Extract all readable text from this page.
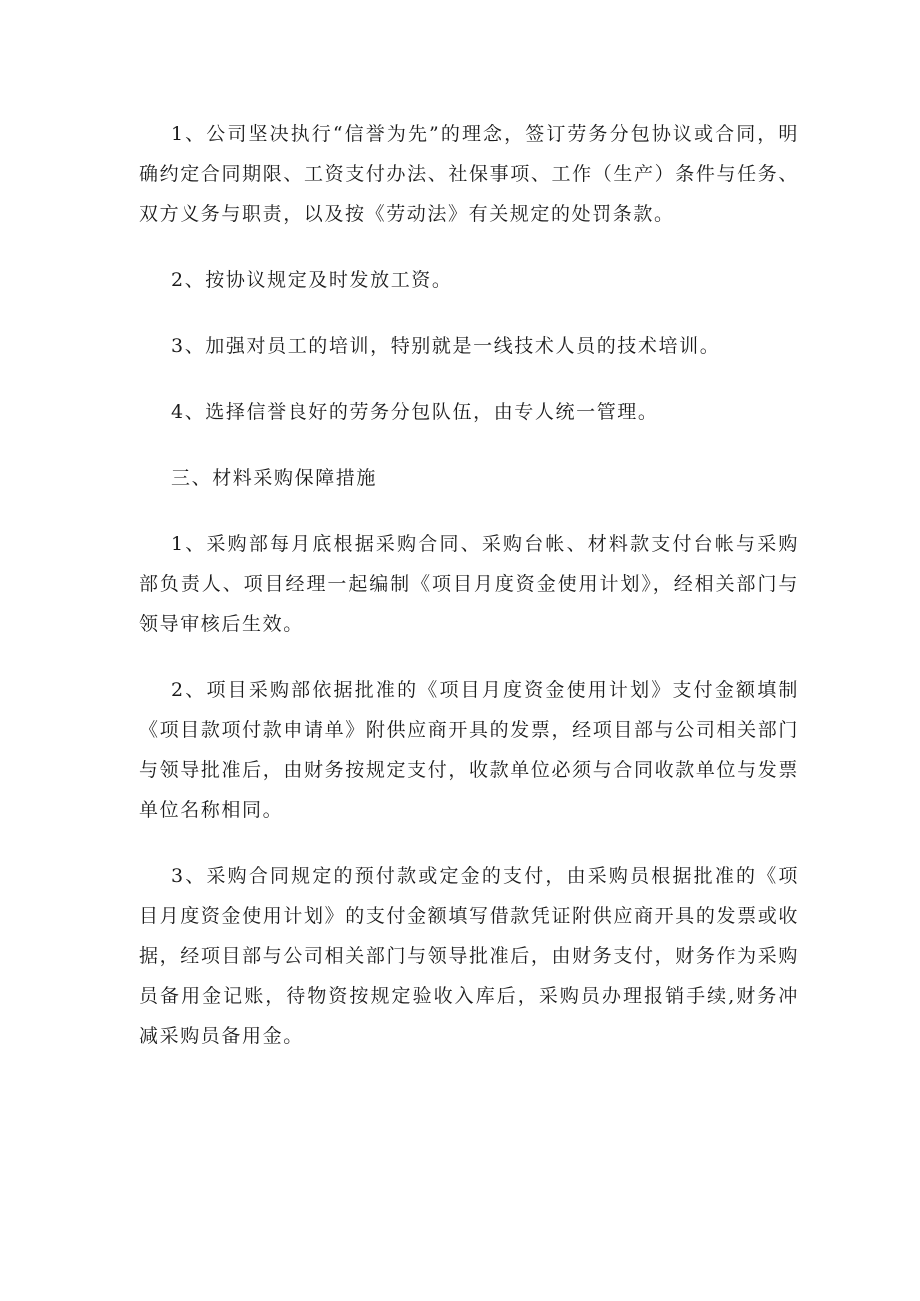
1、公司坚决执行“信誉为先”的理念，签订劳务分包协议或合同，明确约定合同期限、工资支付办法、社保事项、工作（生产）条件与任务、双方义务与职责，以及按《劳动法》有关规定的处罚条款。

2、按协议规定及时发放工资。

3、加强对员工的培训，特别就是一线技术人员的技术培训。

4、选择信誉良好的劳务分包队伍，由专人统一管理。

三、材料采购保障措施

1、采购部每月底根据采购合同、采购台帐、材料款支付台帐与采购部负责人、项目经理一起编制《项目月度资金使用计划》，经相关部门与领导审核后生效。

2、项目采购部依据批准的《项目月度资金使用计划》支付金额填制《项目款项付款申请单》附供应商开具的发票，经项目部与公司相关部门与领导批准后，由财务按规定支付，收款单位必须与合同收款单位与发票单位名称相同。

3、采购合同规定的预付款或定金的支付，由采购员根据批准的《项目月度资金使用计划》的支付金额填写借款凭证附供应商开具的发票或收据，经项目部与公司相关部门与领导批准后，由财务支付，财务作为采购员备用金记账，待物资按规定验收入库后，采购员办理报销手续,财务冲减采购员备用金。
